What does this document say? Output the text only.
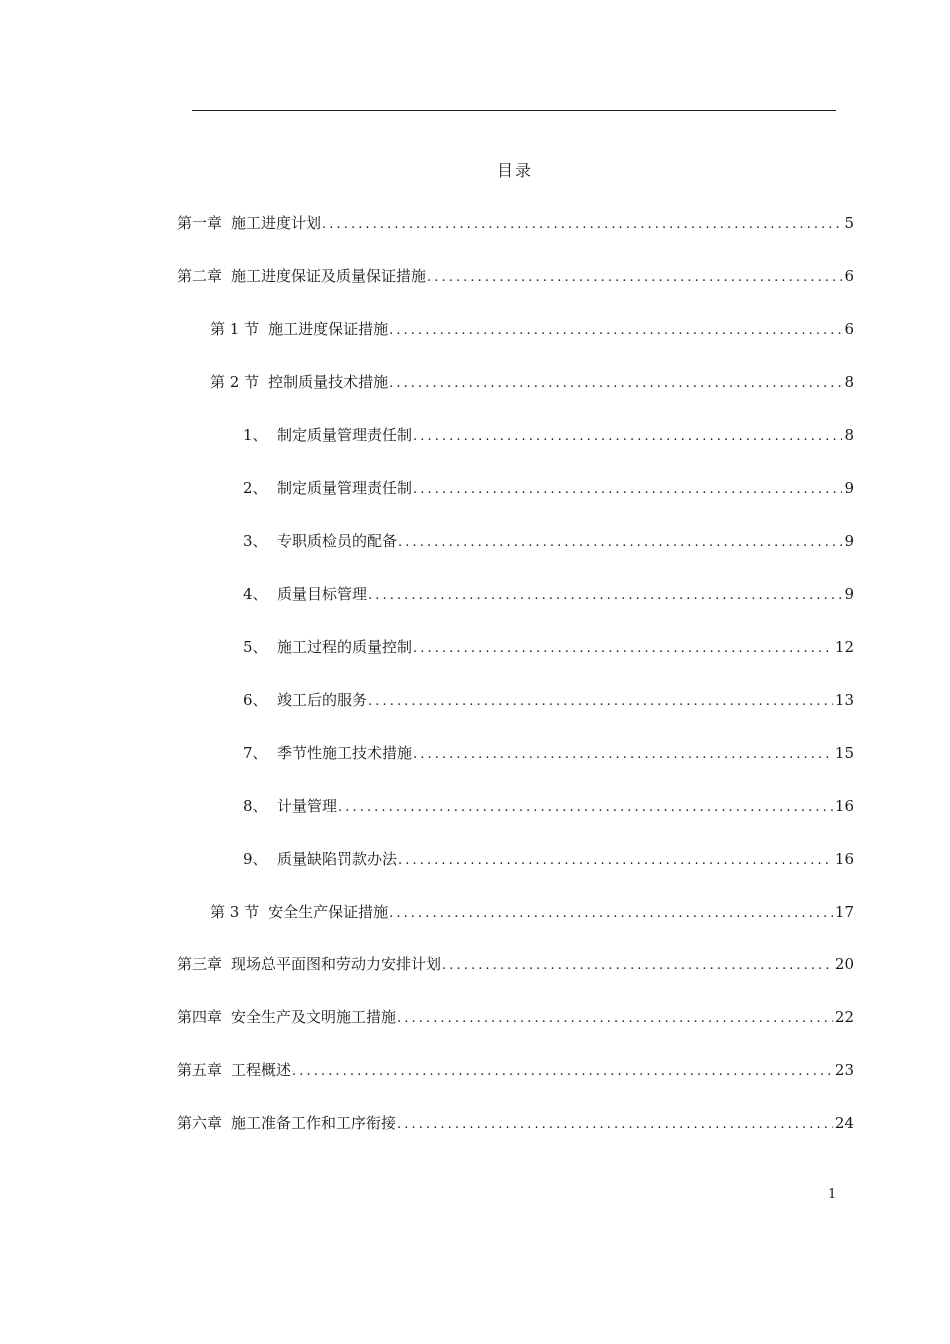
目录
第一章 施工进度计划 .....	5
第二章 施工进度保证及质量保证措施 .....	6
第 1 节 施工进度保证措施 .....	6
第 2 节 控制质量技术措施 .....	8
1、 制定质量管理责任制 .....	8
2、 制定质量管理责任制 .....	9
3、 专职质检员的配备 .....	9
4、 质量目标管理 .....	9
5、 施工过程的质量控制 .....	12
6、 竣工后的服务 .....	13
7、 季节性施工技术措施 .....	15
8、 计量管理 .....	16
9、 质量缺陷罚款办法 .....	16
第 3 节 安全生产保证措施 .....	17
第三章 现场总平面图和劳动力安排计划 .....	20
第四章 安全生产及文明施工措施 .....	22
第五章 工程概述 .....	23
第六章 施工准备工作和工序衔接 .....	24
1
